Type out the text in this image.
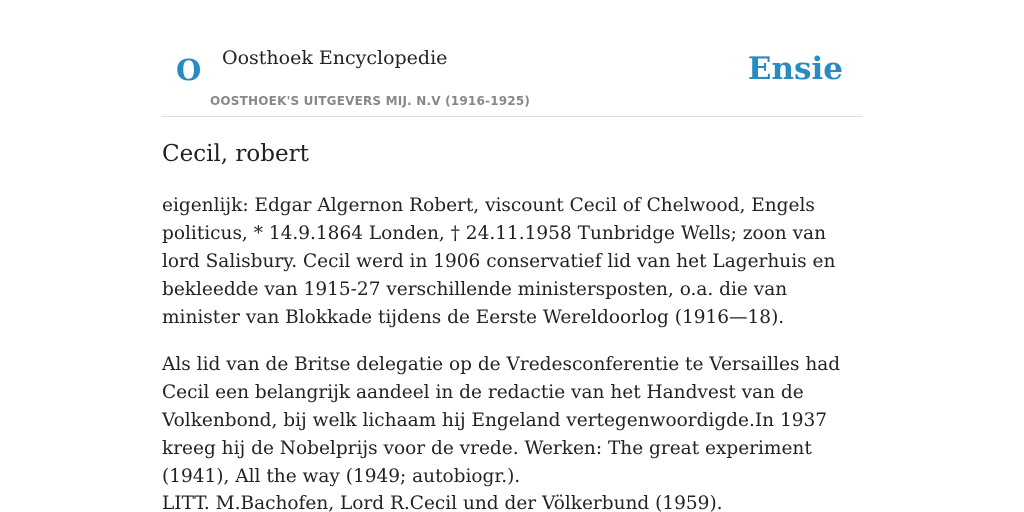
O Oosthoek Encyclopedie
OOSTHOEK'S UITGEVERS MIJ. N.V (1916-1925)
Ensie
Cecil, robert

eigenlijk: Edgar Algernon Robert, viscount Cecil of Chelwood, Engels politicus, * 14.9.1864 Londen, † 24.11.1958 Tunbridge Wells; zoon van lord Salisbury. Cecil werd in 1906 conservatief lid van het Lagerhuis en bekleedde van 1915-27 verschillende ministersposten, o.a. die van minister van Blokkade tijdens de Eerste Wereldoorlog (1916—18).

Als lid van de Britse delegatie op de Vredesconferentie te Versailles had Cecil een belangrijk aandeel in de redactie van het Handvest van de Volkenbond, bij welk lichaam hij Engeland vertegenwoordigde.In 1937 kreeg hij de Nobelprijs voor de vrede. Werken: The great experiment (1941), All the way (1949; autobiogr.).

LITT. M.Bachofen, Lord R.Cecil und der Völkerbund (1959).
